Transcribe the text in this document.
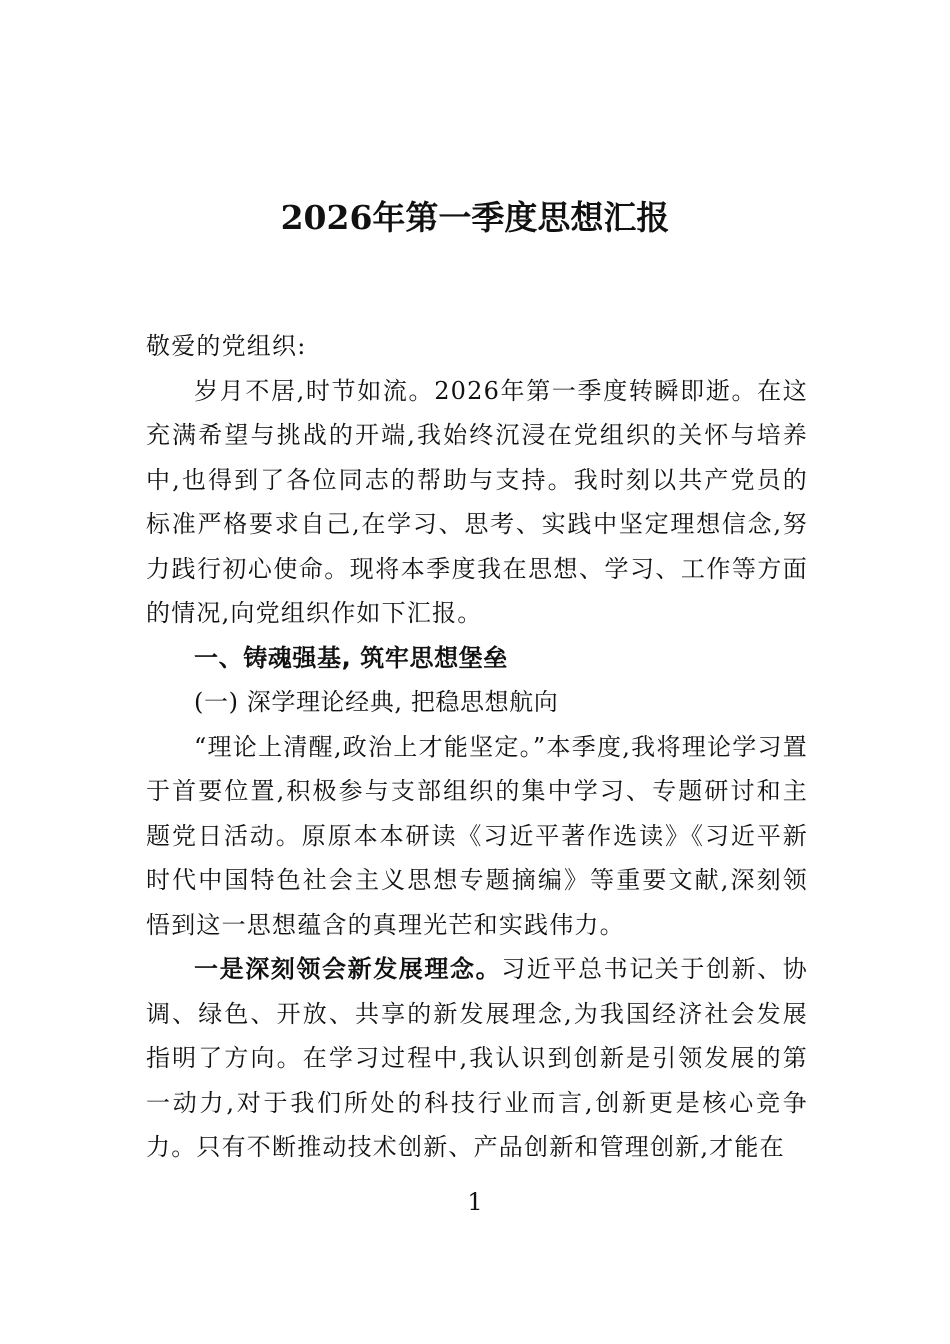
2026年第一季度思想汇报

敬爱的党组织:

岁月不居,时节如流。2026年第一季度转瞬即逝。在这充满希望与挑战的开端,我始终沉浸在党组织的关怀与培养中,也得到了各位同志的帮助与支持。我时刻以共产党员的标准严格要求自己,在学习、思考、实践中坚定理想信念,努力践行初心使命。现将本季度我在思想、学习、工作等方面的情况,向党组织作如下汇报。

一、铸魂强基, 筑牢思想堡垒

(一) 深学理论经典, 把稳思想航向

“理论上清醒,政治上才能坚定。”本季度,我将理论学习置于首要位置,积极参与支部组织的集中学习、专题研讨和主题党日活动。原原本本研读《习近平著作选读》《习近平新时代中国特色社会主义思想专题摘编》等重要文献,深刻领悟到这一思想蕴含的真理光芒和实践伟力。

一是深刻领会新发展理念。习近平总书记关于创新、协调、绿色、开放、共享的新发展理念,为我国经济社会发展指明了方向。在学习过程中,我认识到创新是引领发展的第一动力,对于我们所处的科技行业而言,创新更是核心竞争力。只有不断推动技术创新、产品创新和管理创新,才能在

1
